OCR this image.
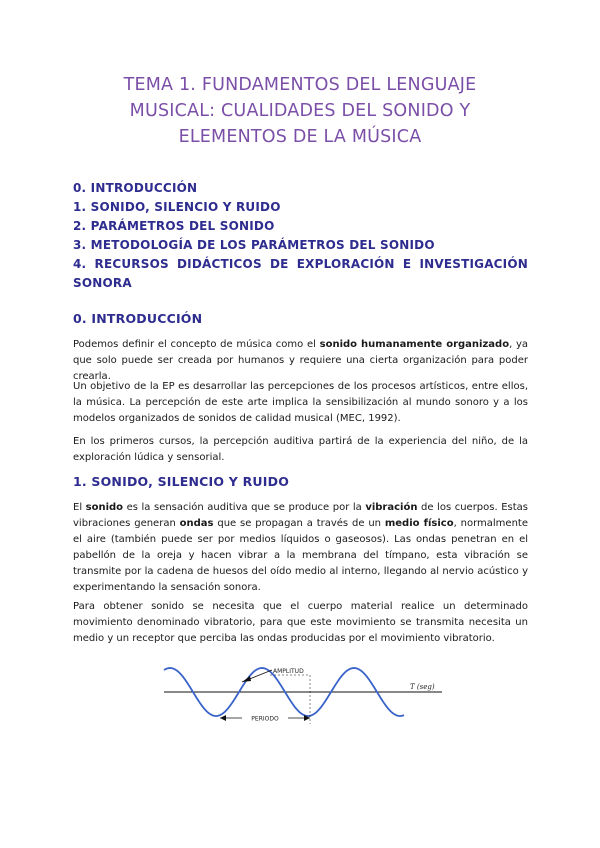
TEMA 1. FUNDAMENTOS DEL LENGUAJE
MUSICAL: CUALIDADES DEL SONIDO Y
ELEMENTOS DE LA MÚSICA
0. INTRODUCCIÓN
1. SONIDO, SILENCIO Y RUIDO
2. PARÁMETROS DEL SONIDO
3. METODOLOGÍA DE LOS PARÁMETROS DEL SONIDO
4. RECURSOS DIDÁCTICOS DE EXPLORACIÓN E INVESTIGACIÓN
SONORA
0. INTRODUCCIÓN

Podemos definir el concepto de música como el sonido humanamente organizado, ya que solo puede ser creada por humanos y requiere una cierta organización para poder crearla.

Un objetivo de la EP es desarrollar las percepciones de los procesos artísticos, entre ellos, la música. La percepción de este arte implica la sensibilización al mundo sonoro y a los modelos organizados de sonidos de calidad musical (MEC, 1992).

En los primeros cursos, la percepción auditiva partirá de la experiencia del niño, de la exploración lúdica y sensorial.

1. SONIDO, SILENCIO Y RUIDO

El sonido es la sensación auditiva que se produce por la vibración de los cuerpos. Estas vibraciones generan ondas que se propagan a través de un medio físico, normalmente el aire (también puede ser por medios líquidos o gaseosos). Las ondas penetran en el pabellón de la oreja y hacen vibrar a la membrana del tímpano, esta vibración se transmite por la cadena de huesos del oído medio al interno, llegando al nervio acústico y experimentando la sensación sonora.

Para obtener sonido se necesita que el cuerpo material realice un determinado movimiento denominado vibratorio, para que este movimiento se transmita necesita un medio y un receptor que perciba las ondas producidas por el movimiento vibratorio.

AMPLITUD
PERIODO
T (seg)
